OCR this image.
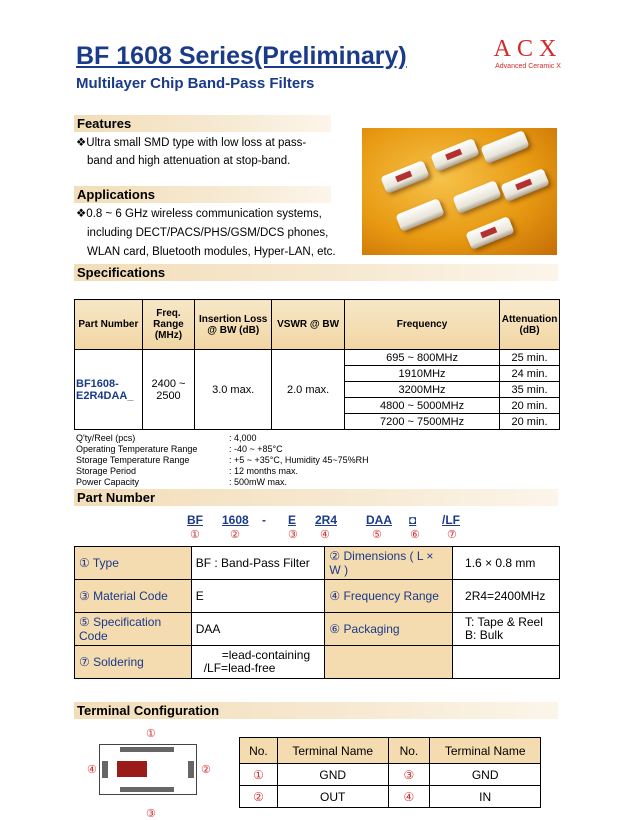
BF 1608 Series(Preliminary)
Multilayer Chip Band-Pass Filters
ACX
Advanced Ceramic X
Features
❖Ultra small SMD type with low loss at pass-
band and high attenuation at stop-band.
Applications
❖0.8 ~ 6 GHz wireless communication systems,
including DECT/PACS/PHS/GSM/DCS phones,
WLAN card, Bluetooth modules, Hyper-LAN, etc.
Specifications
Part Number	Freq. Range (MHz)	Insertion Loss @ BW (dB)	VSWR @ BW	Frequency	Attenuation (dB)
BF1608-E2R4DAA_	2400 ~ 2500	3.0 max.	2.0 max.	695 ~ 800MHz	25 min.
				1910MHz	24 min.
				3200MHz	35 min.
				4800 ~ 5000MHz	20 min.
				7200 ~ 7500MHz	20 min.
Q'ty/Reel (pcs)	: 4,000
Operating Temperature Range	: -40 ~ +85°C
Storage Temperature Range	: +5 ~ +35°C, Humidity 45~75%RH
Storage Period	: 12 months max.
Power Capacity	: 500mW max.
Part Number
BF 1608 - E 2R4 DAA ◘ /LF
①	②	③ ④	⑤	⑥ ⑦
① Type	BF : Band-Pass Filter	② Dimensions ( L × W )	1.6 × 0.8 mm
③ Material Code	E	④ Frequency Range	2R4=2400MHz
⑤ Specification Code	DAA	⑥ Packaging	T: Tape & Reel
B: Bulk

⑦ Soldering	=lead-containing
/LF=lead-free		

Terminal Configuration
①
②
③
④
No.	Terminal Name	No.	Terminal Name
①	GND	③	GND
②	OUT	④	IN
